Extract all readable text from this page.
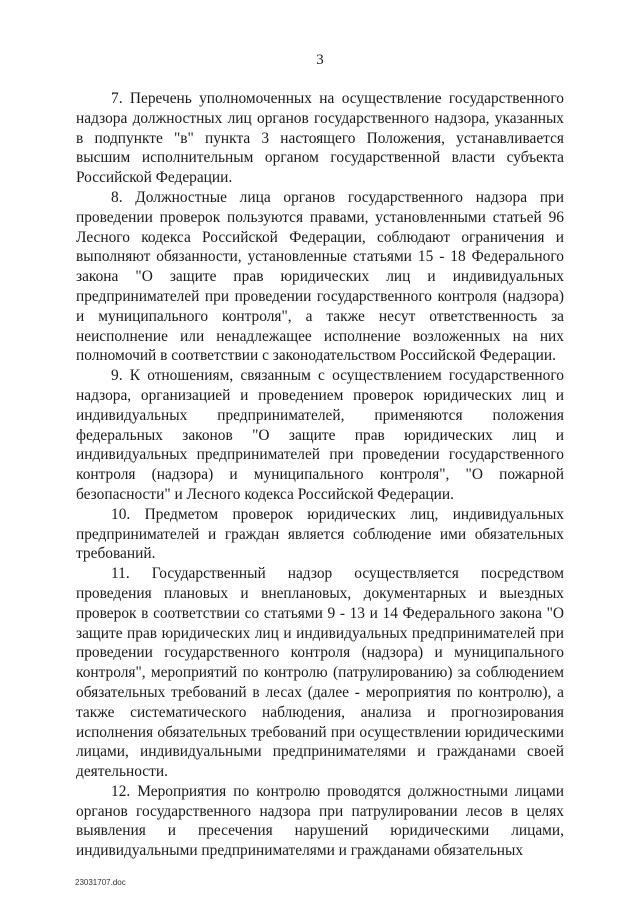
3

7. Перечень уполномоченных на осуществление государственного надзора должностных лиц органов государственного надзора, указанных в подпункте "в" пункта 3 настоящего Положения, устанавливается высшим исполнительным органом государственной власти субъекта Российской Федерации.

8. Должностные лица органов государственного надзора при проведении проверок пользуются правами, установленными статьей 96 Лесного кодекса Российской Федерации, соблюдают ограничения и выполняют обязанности, установленные статьями 15 - 18 Федерального закона "О защите прав юридических лиц и индивидуальных предпринимателей при проведении государственного контроля (надзора) и муниципального контроля", а также несут ответственность за неисполнение или ненадлежащее исполнение возложенных на них полномочий в соответствии с законодательством Российской Федерации.

9. К отношениям, связанным с осуществлением государственного надзора, организацией и проведением проверок юридических лиц и индивидуальных предпринимателей, применяются положения федеральных законов "О защите прав юридических лиц и индивидуальных предпринимателей при проведении государственного контроля (надзора) и муниципального контроля", "О пожарной безопасности" и Лесного кодекса Российской Федерации.

10. Предметом проверок юридических лиц, индивидуальных предпринимателей и граждан является соблюдение ими обязательных требований.

11. Государственный надзор осуществляется посредством проведения плановых и внеплановых, документарных и выездных проверок в соответствии со статьями 9 - 13 и 14 Федерального закона "О защите прав юридических лиц и индивидуальных предпринимателей при проведении государственного контроля (надзора) и муниципального контроля", мероприятий по контролю (патрулированию) за соблюдением обязательных требований в лесах (далее - мероприятия по контролю), а также систематического наблюдения, анализа и прогнозирования исполнения обязательных требований при осуществлении юридическими лицами, индивидуальными предпринимателями и гражданами своей деятельности.

12. Мероприятия по контролю проводятся должностными лицами органов государственного надзора при патрулировании лесов в целях выявления и пресечения нарушений юридическими лицами, индивидуальными предпринимателями и гражданами обязательных

23031707.doc
